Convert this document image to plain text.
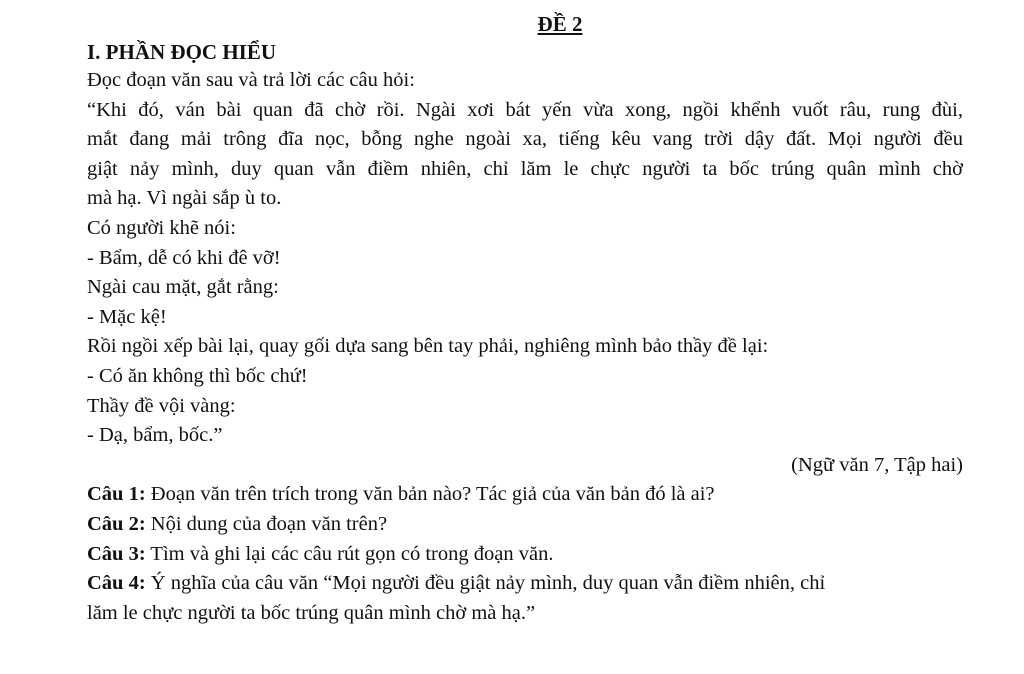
ĐỀ 2
I. PHẦN ĐỌC HIỂU
Đọc đoạn văn sau và trả lời các câu hỏi:
“Khi đó, ván bài quan đã chờ rồi. Ngài xơi bát yến vừa xong, ngồi khểnh vuốt râu, rung đùi,
mắt đang mải trông đĩa nọc, bỗng nghe ngoài xa, tiếng kêu vang trời dậy đất. Mọi người đều
giật nảy mình, duy quan vẫn điềm nhiên, chỉ lăm le chực người ta bốc trúng quân mình chờ
mà hạ. Vì ngài sắp ù to.
Có người khẽ nói:
- Bẩm, dễ có khi đê vỡ!
Ngài cau mặt, gắt rằng:
- Mặc kệ!
Rồi ngồi xếp bài lại, quay gối dựa sang bên tay phải, nghiêng mình bảo thầy đề lại:
- Có ăn không thì bốc chứ!
Thầy đề vội vàng:
- Dạ, bẩm, bốc.”
(Ngữ văn 7, Tập hai)
Câu 1: Đoạn văn trên trích trong văn bản nào? Tác giả của văn bản đó là ai?
Câu 2: Nội dung của đoạn văn trên?
Câu 3: Tìm và ghi lại các câu rút gọn có trong đoạn văn.
Câu 4: Ý nghĩa của câu văn “Mọi người đều giật nảy mình, duy quan vẫn điềm nhiên, chỉ
lăm le chực người ta bốc trúng quân mình chờ mà hạ.”
